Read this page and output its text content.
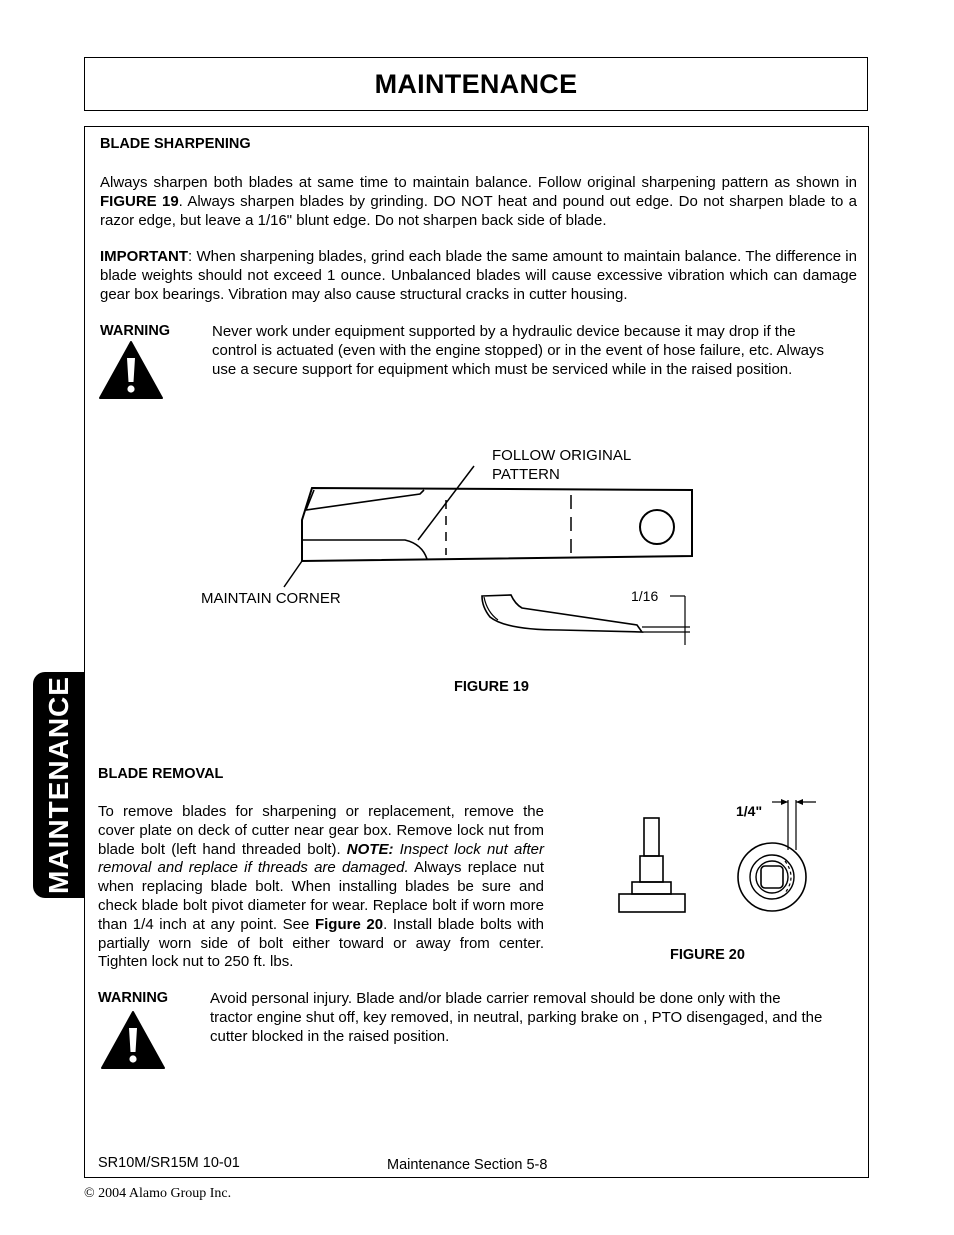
MAINTENANCE
MAINTENANCE
BLADE SHARPENING
Always sharpen both blades at same time to maintain balance. Follow original sharpening pattern as shown in FIGURE 19. Always sharpen blades by grinding. DO NOT heat and pound out edge. Do not sharpen blade to a razor edge, but leave a 1/16" blunt edge. Do not sharpen back side of blade.
IMPORTANT: When sharpening blades, grind each blade the same amount to maintain balance. The difference in blade weights should not exceed 1 ounce. Unbalanced blades will cause excessive vibration which can damage gear box bearings. Vibration may also cause structural cracks in cutter housing.
WARNING	Never work under equipment supported by a hydraulic device because it may drop if the control is actuated (even with the engine stopped) or in the event of hose failure, etc. Always use a secure support for equipment which must be serviced while in the raised position.
FOLLOW ORIGINAL
PATTERN
MAINTAIN CORNER	1/16
FIGURE 19
BLADE REMOVAL
To remove blades for sharpening or replacement, remove the cover plate on deck of cutter near gear box. Remove lock nut from blade bolt (left hand threaded bolt). NOTE: Inspect lock nut after removal and replace if threads are damaged. Always replace nut when replacing blade bolt. When installing blades be sure and check blade bolt pivot diameter for wear. Replace bolt if worn more than 1/4 inch at any point. See Figure 20. Install blade bolts with partially worn side of bolt either toward or away from center. Tighten lock nut to 250 ft. lbs.
1/4"
FIGURE 20
WARNING	Avoid personal injury. Blade and/or blade carrier removal should be done only with the tractor engine shut off, key removed, in neutral, parking brake on , PTO disengaged, and the cutter blocked in the raised position.
SR10M/SR15M 10-01	Maintenance Section 5-8
© 2004 Alamo Group Inc.
